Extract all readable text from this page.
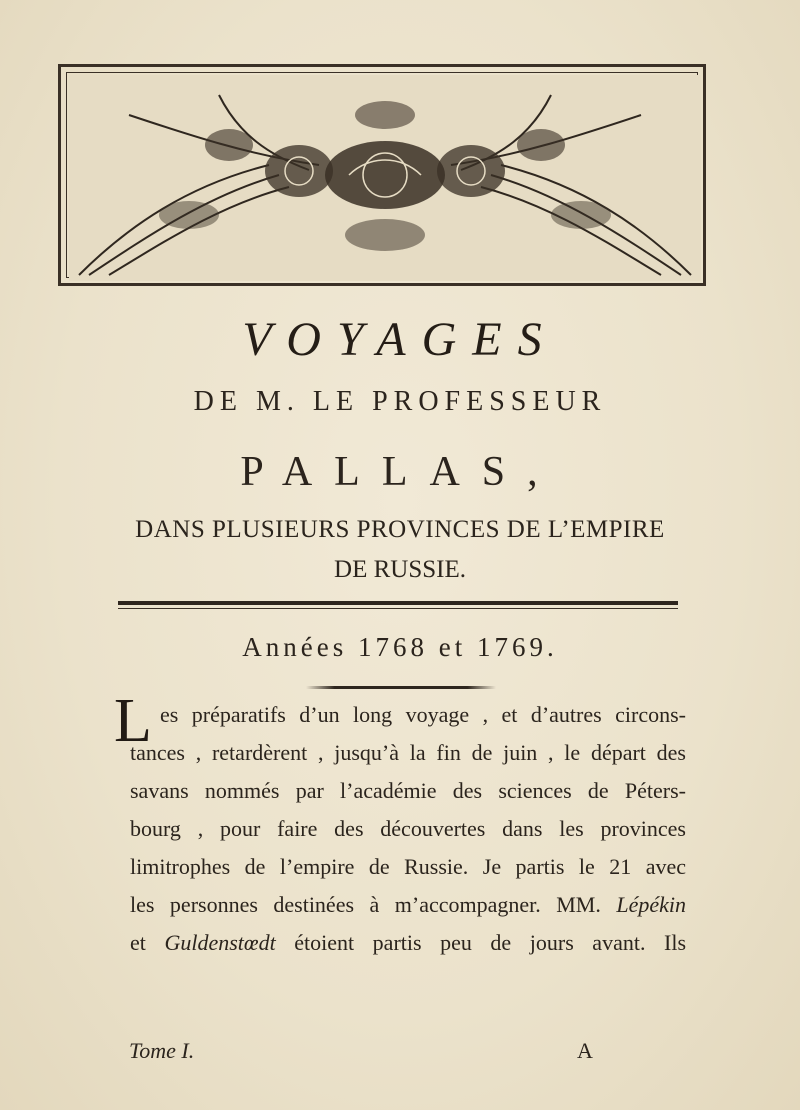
VOYAGES
DE M. LE PROFESSEUR
PALLAS,
DANS PLUSIEURS PROVINCES DE L’EMPIRE
DE RUSSIE.
Années 1768 et 1769.
L es préparatifs d’un long voyage , et d’autres circons-
tances , retardèrent , jusqu’à la fin de juin , le départ des
savans nommés par l’académie des sciences de Péters-
bourg , pour faire des découvertes dans les provinces
limitrophes de l’empire de Russie. Je partis le 21 avec
les personnes destinées à m’accompagner. MM. Lépékin
et Guldenstœdt étoient partis peu de jours avant. Ils
Tome I.	A
